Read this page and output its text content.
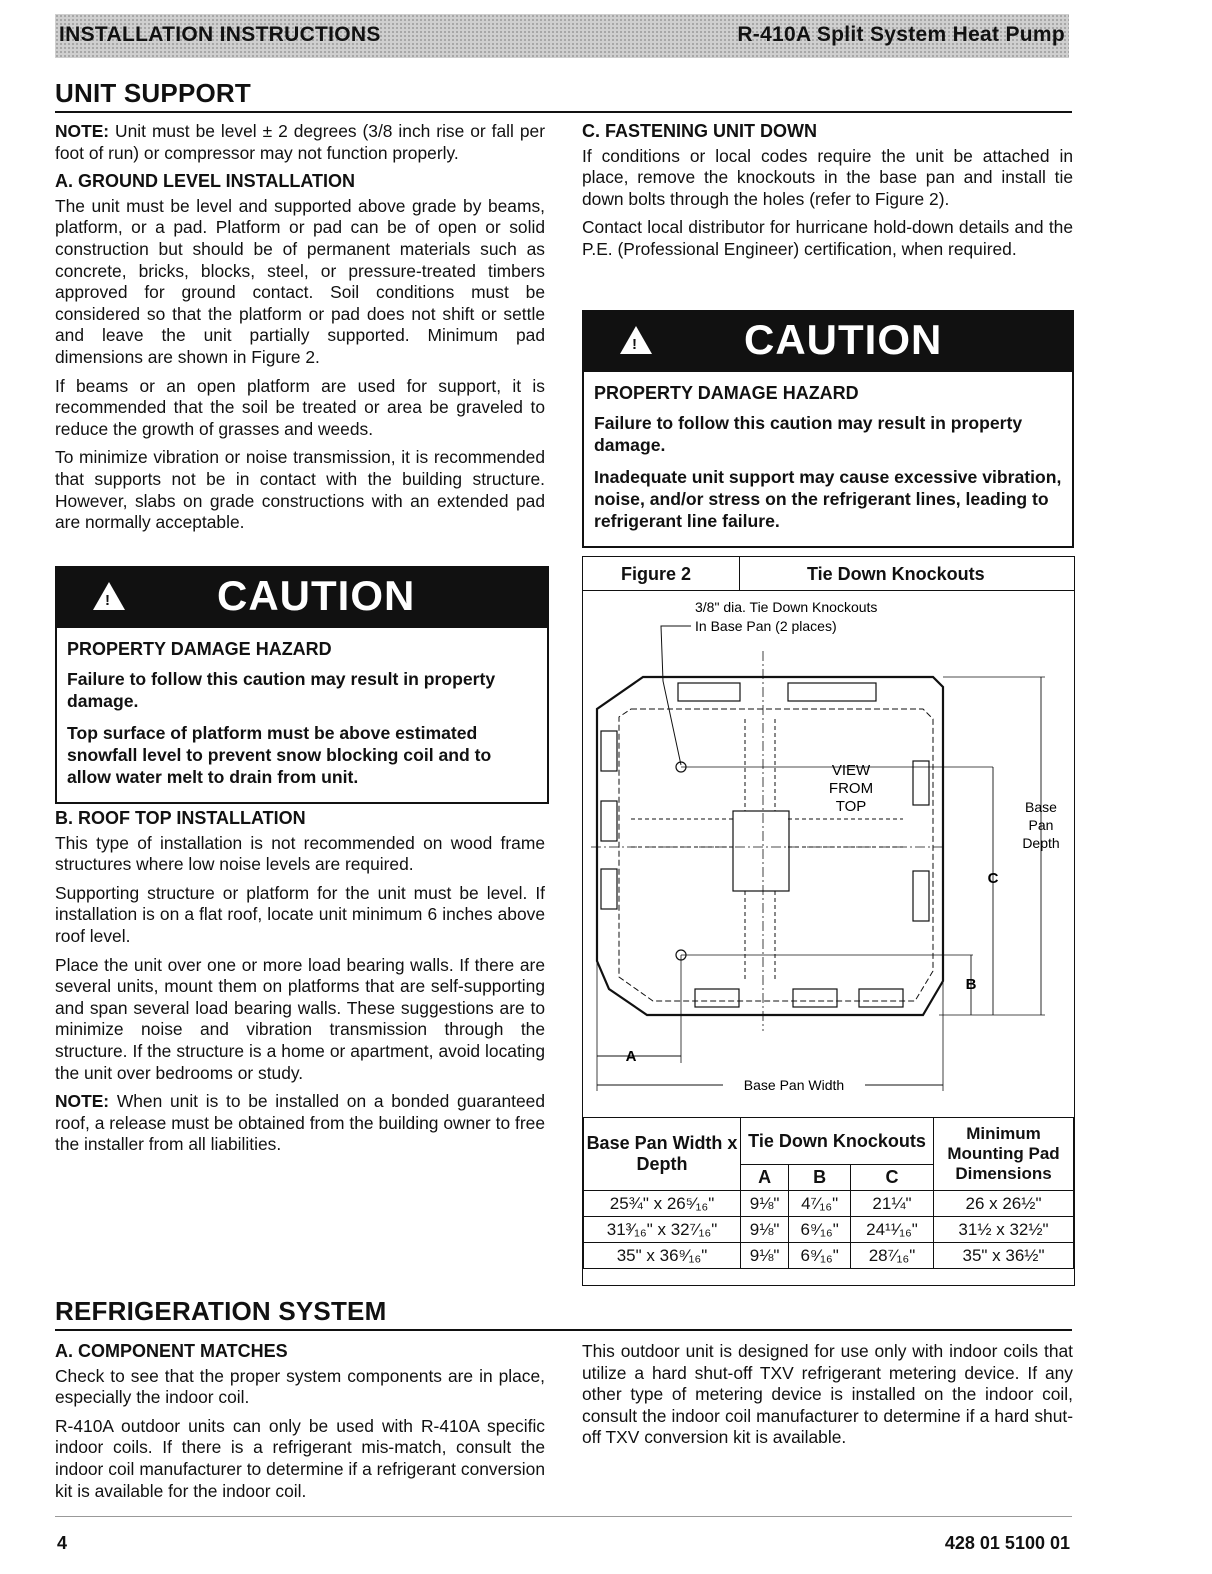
INSTALLATION INSTRUCTIONS	R-410A Split System Heat Pump
UNIT SUPPORT

NOTE: Unit must be level ± 2 degrees (3/8 inch rise or fall per foot of run) or compressor may not function properly.

A. GROUND LEVEL INSTALLATION

The unit must be level and supported above grade by beams, platform, or a pad. Platform or pad can be of open or solid construction but should be of permanent materials such as concrete, bricks, blocks, steel, or pressure-treated timbers approved for ground contact. Soil conditions must be considered so that the platform or pad does not shift or settle and leave the unit partially supported. Minimum pad dimensions are shown in Figure 2.

If beams or an open platform are used for support, it is recommended that the soil be treated or area be graveled to reduce the growth of grasses and weeds.

To minimize vibration or noise transmission, it is recommended that supports not be in contact with the building structure. However, slabs on grade constructions with an extended pad are normally acceptable.

!	CAUTION
PROPERTY DAMAGE HAZARD
Failure to follow this caution may result in property damage.
Top surface of platform must be above estimated snowfall level to prevent snow blocking coil and to allow water melt to drain from unit.
B. ROOF TOP INSTALLATION

This type of installation is not recommended on wood frame structures where low noise levels are required.

Supporting structure or platform for the unit must be level. If installation is on a flat roof, locate unit minimum 6 inches above roof level.

Place the unit over one or more load bearing walls. If there are several units, mount them on platforms that are self-supporting and span several load bearing walls. These suggestions are to minimize noise and vibration transmission through the structure. If the structure is a home or apartment, avoid locating the unit over bedrooms or study.

NOTE: When unit is to be installed on a bonded guaranteed roof, a release must be obtained from the building owner to free the installer from all liabilities.

C. FASTENING UNIT DOWN

If conditions or local codes require the unit be attached in place, remove the knockouts in the base pan and install tie down bolts through the holes (refer to Figure 2).

Contact local distributor for hurricane hold-down details and the P.E. (Professional Engineer) certification, when required.

!	CAUTION
PROPERTY DAMAGE HAZARD
Failure to follow this caution may result in property damage.
Inadequate unit support may cause excessive vibration, noise, and/or stress on the refrigerant lines, leading to refrigerant line failure.
Figure 2	Tie Down Knockouts
3/8" dia. Tie Down Knockouts
In Base Pan (2 places)
VIEW
FROM
TOP	Base
Pan
Depth
C
B
A
Base Pan Width
Base Pan Width x Depth	Tie Down Knockouts			Minimum Mounting Pad Dimensions
	A	B	C	
25¾" x 26⁵⁄₁₆"	9⅛"	4⁷⁄₁₆"	21¼"	26 x 26½"
31³⁄₁₆" x 32⁷⁄₁₆"	9⅛"	6⁹⁄₁₆"	24¹¹⁄₁₆"	31½ x 32½"
35" x 36⁹⁄₁₆"	9⅛"	6⁹⁄₁₆"	28⁷⁄₁₆"	35" x 36½"
REFRIGERATION SYSTEM
A. COMPONENT MATCHES

Check to see that the proper system components are in place, especially the indoor coil.

R-410A outdoor units can only be used with R-410A specific indoor coils. If there is a refrigerant mis-match, consult the indoor coil manufacturer to determine if a refrigerant conversion kit is available for the indoor coil.

This outdoor unit is designed for use only with indoor coils that utilize a hard shut-off TXV refrigerant metering device. If any other type of metering device is installed on the indoor coil, consult the indoor coil manufacturer to determine if a hard shut-off TXV conversion kit is available.

4	428 01 5100 01
